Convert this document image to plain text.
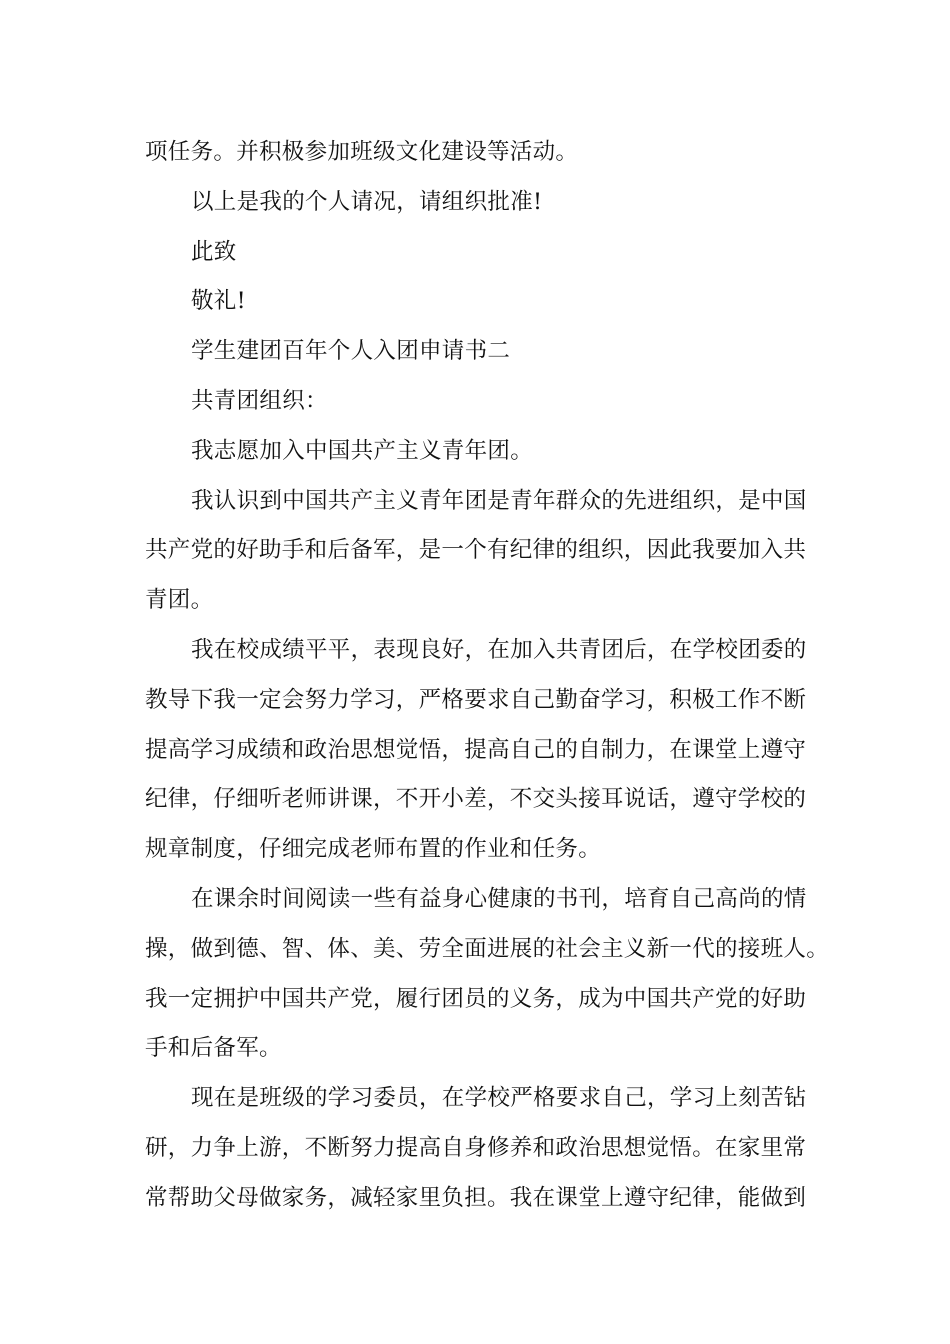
项任务。并积极参加班级文化建设等活动。
以上是我的个人请况，请组织批准!
此致
敬礼!
学生建团百年个人入团申请书二
共青团组织：
我志愿加入中国共产主义青年团。
我认识到中国共产主义青年团是青年群众的先进组织，是中国
共产党的好助手和后备军，是一个有纪律的组织，因此我要加入共
青团。
我在校成绩平平，表现良好，在加入共青团后，在学校团委的
教导下我一定会努力学习，严格要求自己勤奋学习，积极工作不断
提高学习成绩和政治思想觉悟，提高自己的自制力，在课堂上遵守
纪律，仔细听老师讲课，不开小差，不交头接耳说话，遵守学校的
规章制度，仔细完成老师布置的作业和任务。
在课余时间阅读一些有益身心健康的书刊，培育自己高尚的情
操，做到德、智、体、美、劳全面进展的社会主义新一代的接班人。
我一定拥护中国共产党，履行团员的义务，成为中国共产党的好助
手和后备军。
现在是班级的学习委员，在学校严格要求自己，学习上刻苦钻
研，力争上游，不断努力提高自身修养和政治思想觉悟。在家里常
常帮助父母做家务，减轻家里负担。我在课堂上遵守纪律，能做到
